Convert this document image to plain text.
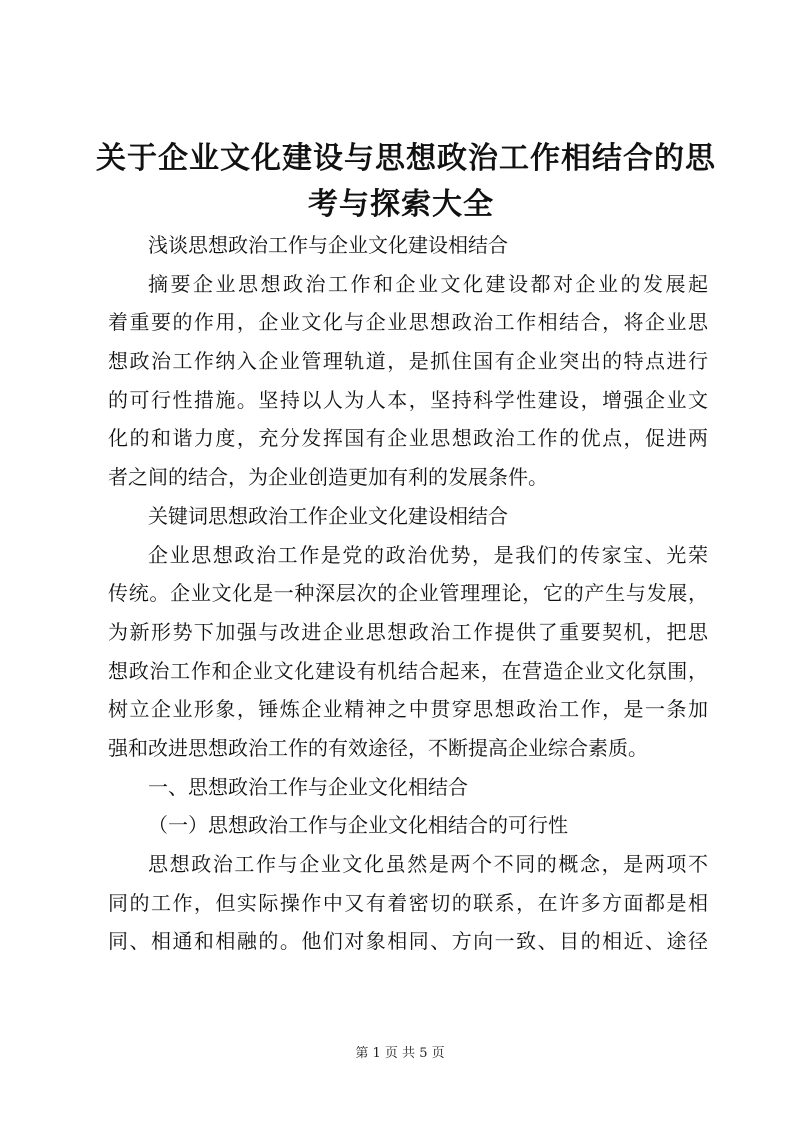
关于企业文化建设与思想政治工作相结合的思
考与探索大全
浅谈思想政治工作与企业文化建设相结合
摘要企业思想政治工作和企业文化建设都对企业的发展起
着重要的作用，企业文化与企业思想政治工作相结合，将企业思
想政治工作纳入企业管理轨道，是抓住国有企业突出的特点进行
的可行性措施。坚持以人为人本，坚持科学性建设，增强企业文
化的和谐力度，充分发挥国有企业思想政治工作的优点，促进两
者之间的结合，为企业创造更加有利的发展条件。
关键词思想政治工作企业文化建设相结合
企业思想政治工作是党的政治优势，是我们的传家宝、光荣
传统。企业文化是一种深层次的企业管理理论，它的产生与发展，
为新形势下加强与改进企业思想政治工作提供了重要契机，把思
想政治工作和企业文化建设有机结合起来，在营造企业文化氛围，
树立企业形象，锤炼企业精神之中贯穿思想政治工作，是一条加
强和改进思想政治工作的有效途径，不断提高企业综合素质。
一、思想政治工作与企业文化相结合
（一）思想政治工作与企业文化相结合的可行性
思想政治工作与企业文化虽然是两个不同的概念，是两项不
同的工作，但实际操作中又有着密切的联系，在许多方面都是相
同、相通和相融的。他们对象相同、方向一致、目的相近、途径
第 1 页 共 5 页
